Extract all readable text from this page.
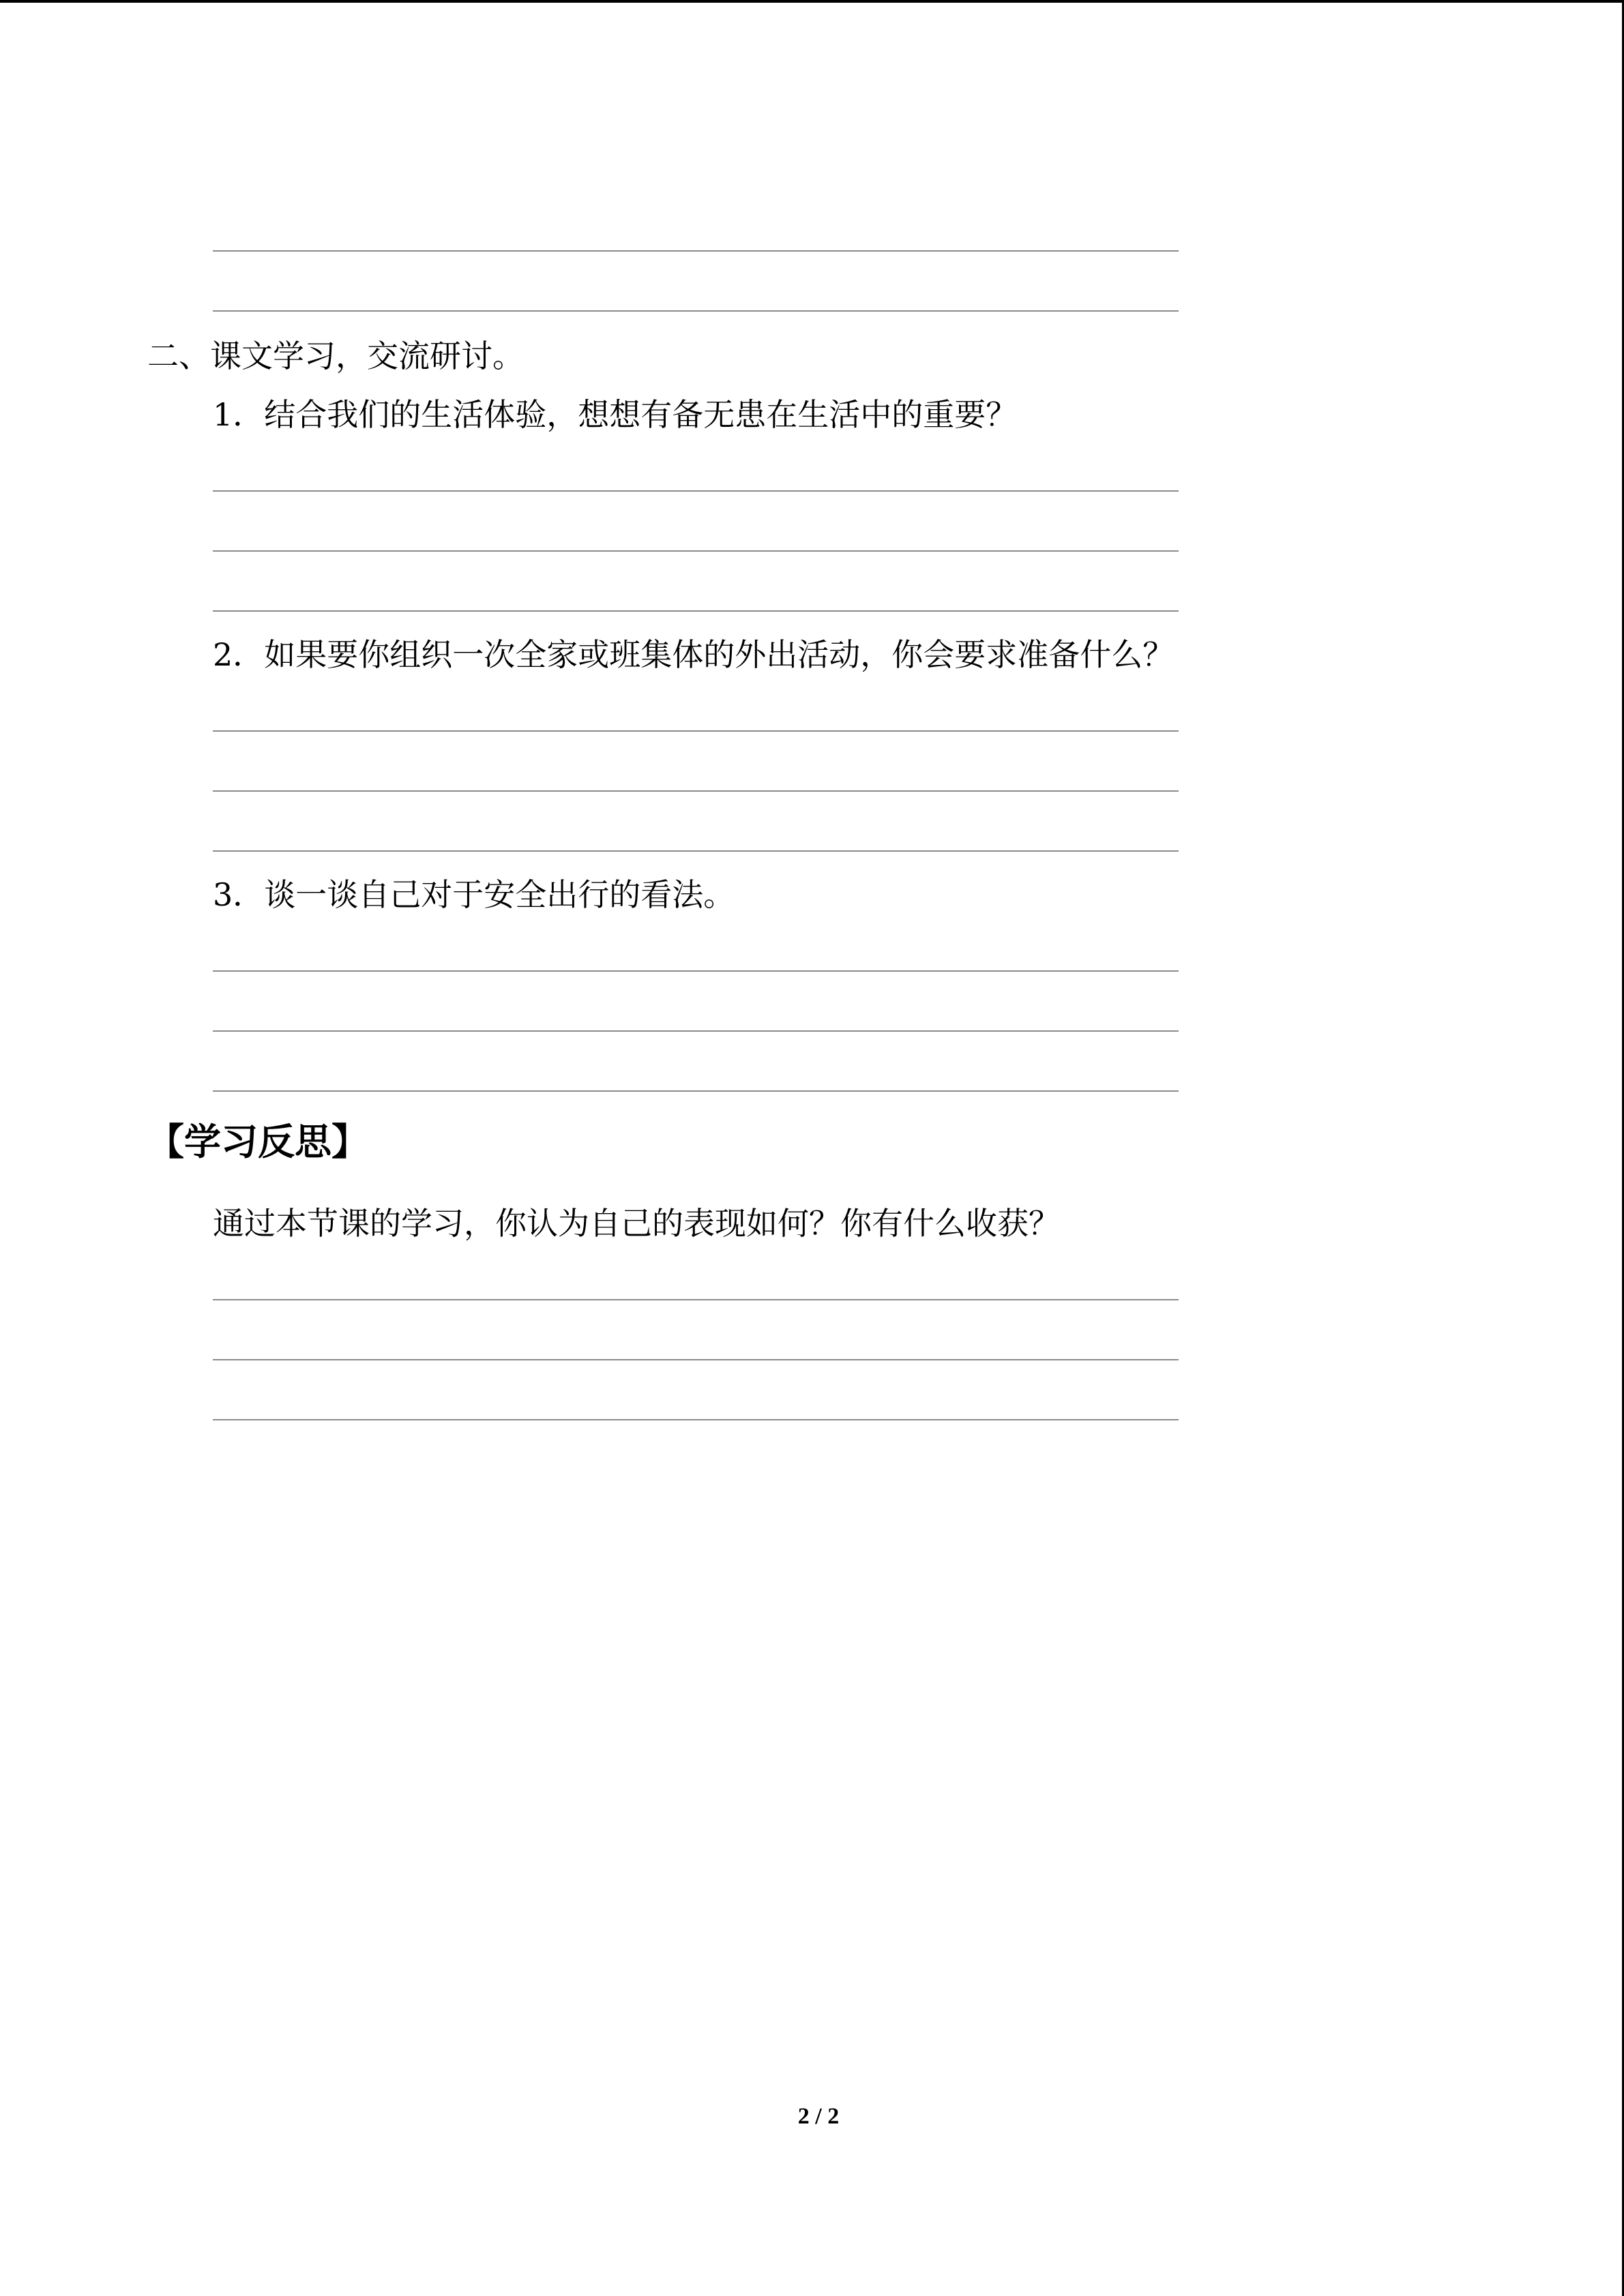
二、课文学习，交流研讨。
1．结合我们的生活体验，想想有备无患在生活中的重要？
2．如果要你组织一次全家或班集体的外出活动，你会要求准备什么？
3．谈一谈自己对于安全出行的看法。
【学习反思】
通过本节课的学习，你认为自己的表现如何？你有什么收获？
2 / 2
